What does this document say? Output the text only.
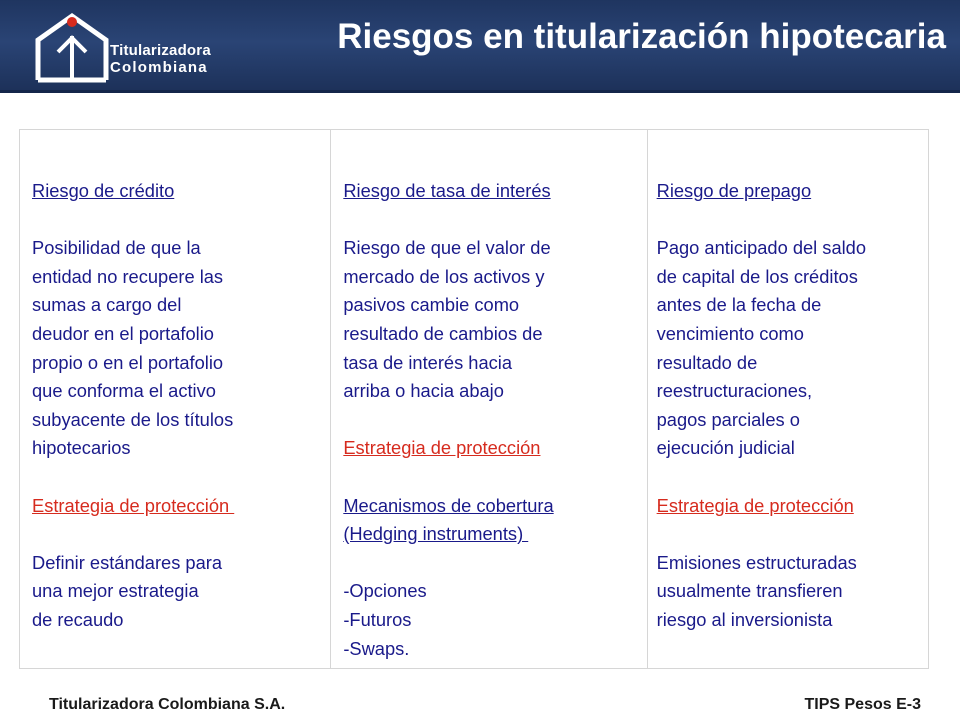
Titularizadora
Colombiana
Riesgos en titularización hipotecaria
Riesgo de crédito
Posibilidad de que la
entidad no recupere las
sumas a cargo del
deudor en el portafolio
propio o en el portafolio
que conforma el activo
subyacente de los títulos
hipotecarios
Estrategia de protección
Definir estándares para
una mejor estrategia
de recaudo
Riesgo de tasa de interés
Riesgo de que el valor de
mercado de los activos y
pasivos cambie como
resultado de cambios de
tasa de interés hacia
arriba o hacia abajo
Estrategia de protección
Mecanismos de cobertura
(Hedging instruments)
-Opciones
-Futuros
-Swaps.
Riesgo de prepago
Pago anticipado del saldo
de capital de los créditos
antes de la fecha de
vencimiento como
resultado de
reestructuraciones,
pagos parciales o
ejecución judicial
Estrategia de protección
Emisiones estructuradas
usualmente transfieren
riesgo al inversionista
Titularizadora Colombiana S.A.	TIPS Pesos E-3
